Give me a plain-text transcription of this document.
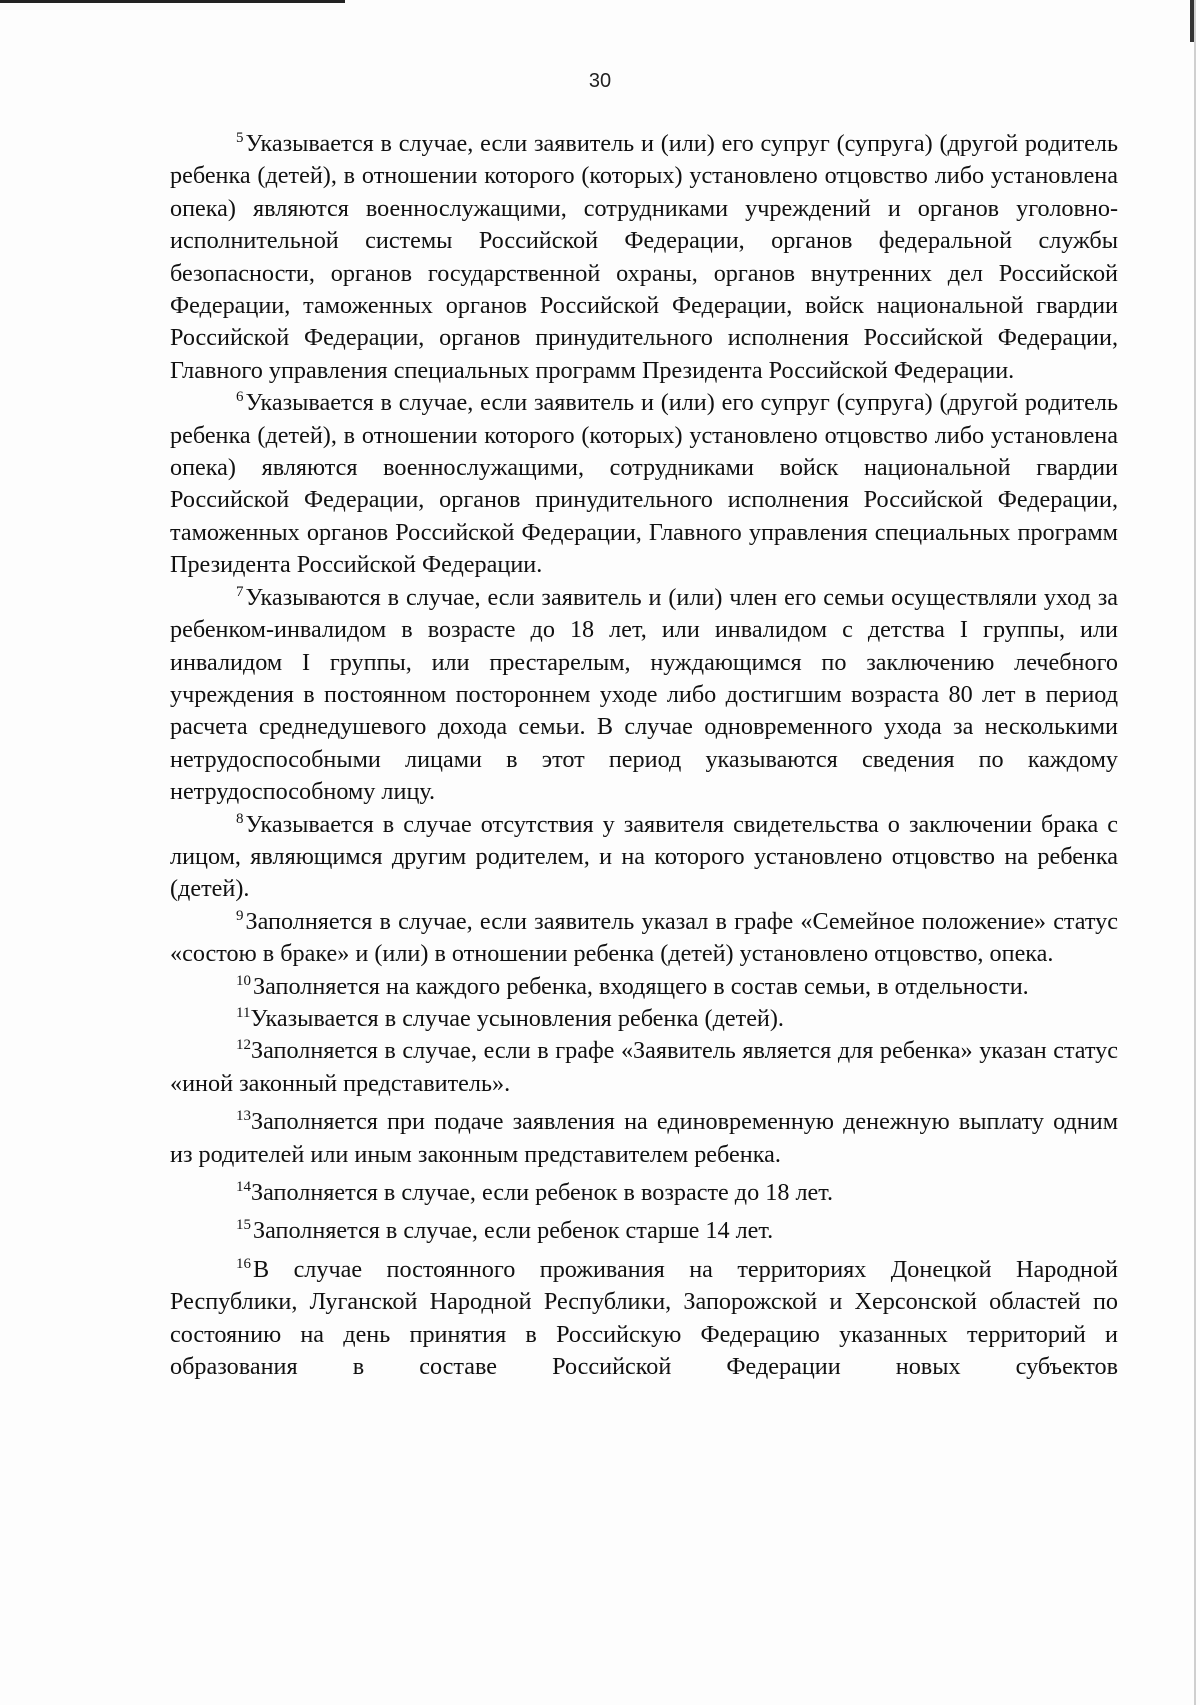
30

$^5$Указывается в случае, если заявитель и (или) его супруг (супруга) (другой родитель ребенка (детей), в отношении которого (которых) установлено отцовство либо установлена опека) являются военнослужащими, сотрудниками учреждений и органов уголовно-исполнительной системы Российской Федерации, органов федеральной службы безопасности, органов государственной охраны, органов внутренних дел Российской Федерации, таможенных органов Российской Федерации, войск национальной гвардии Российской Федерации, органов принудительного исполнения Российской Федерации, Главного управления специальных программ Президента Российской Федерации.

$^6$Указывается в случае, если заявитель и (или) его супруг (супруга) (другой родитель ребенка (детей), в отношении которого (которых) установлено отцовство либо установлена опека) являются военнослужащими, сотрудниками войск национальной гвардии Российской Федерации, органов принудительного исполнения Российской Федерации, таможенных органов Российской Федерации, Главного управления специальных программ Президента Российской Федерации.

$^7$Указываются в случае, если заявитель и (или) член его семьи осуществляли уход за ребенком-инвалидом в возрасте до 18 лет, или инвалидом с детства I группы, или инвалидом I группы, или престарелым, нуждающимся по заключению лечебного учреждения в постоянном постороннем уходе либо достигшим возраста 80 лет в период расчета среднедушевого дохода семьи. В случае одновременного ухода за несколькими нетрудоспособными лицами в этот период указываются сведения по каждому нетрудоспособному лицу.

$^8$Указывается в случае отсутствия у заявителя свидетельства о заключении брака с лицом, являющимся другим родителем, и на которого установлено отцовство на ребенка (детей).

$^9$Заполняется в случае, если заявитель указал в графе «Семейное положение» статус «состою в браке» и (или) в отношении ребенка (детей) установлено отцовство, опека.

$^{10}$Заполняется на каждого ребенка, входящего в состав семьи, в отдельности.

$^{11}$Указывается в случае усыновления ребенка (детей).

$^{12}$Заполняется в случае, если в графе «Заявитель является для ребенка» указан статус «иной законный представитель».

$^{13}$Заполняется при подаче заявления на единовременную денежную выплату одним из родителей или иным законным представителем ребенка.

$^{14}$Заполняется в случае, если ребенок в возрасте до 18 лет.

$^{15}$Заполняется в случае, если ребенок старше 14 лет.

$^{16}$В случае постоянного проживания на территориях Донецкой Народной Республики, Луганской Народной Республики, Запорожской и Херсонской областей по состоянию на дeнь принятия в Российскую Федерацию указанных территорий и образования в составе Российской Федерации новых субъектов
